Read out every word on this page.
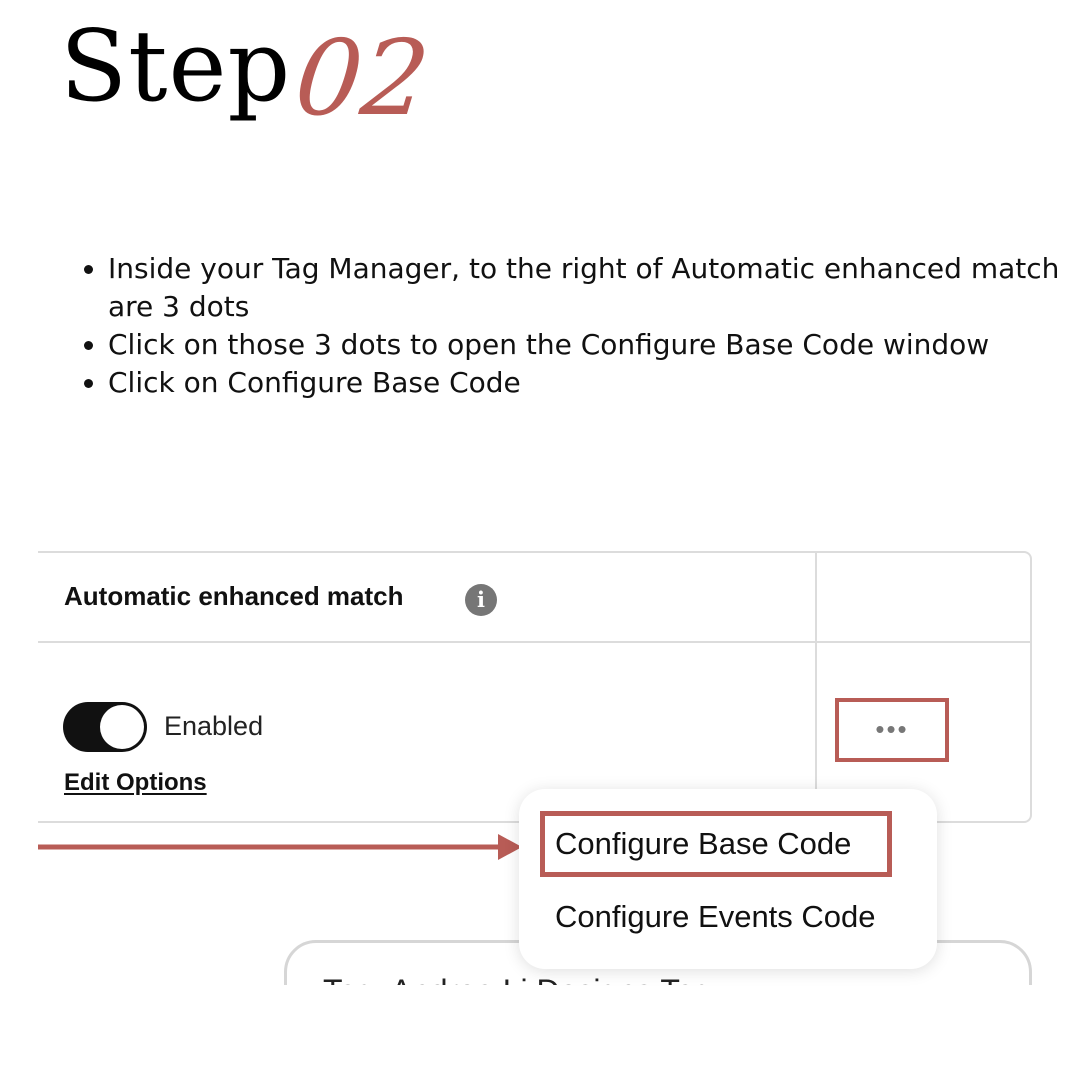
Step
02
• Inside your Tag Manager, to the right of Automatic enhanced match are 3 dots
• Click on those 3 dots to open the Configure Base Code window
• Click on Configure Base Code
Automatic enhanced match	i
Enabled
Edit Options
•••
Configure Base Code
Configure Events Code
